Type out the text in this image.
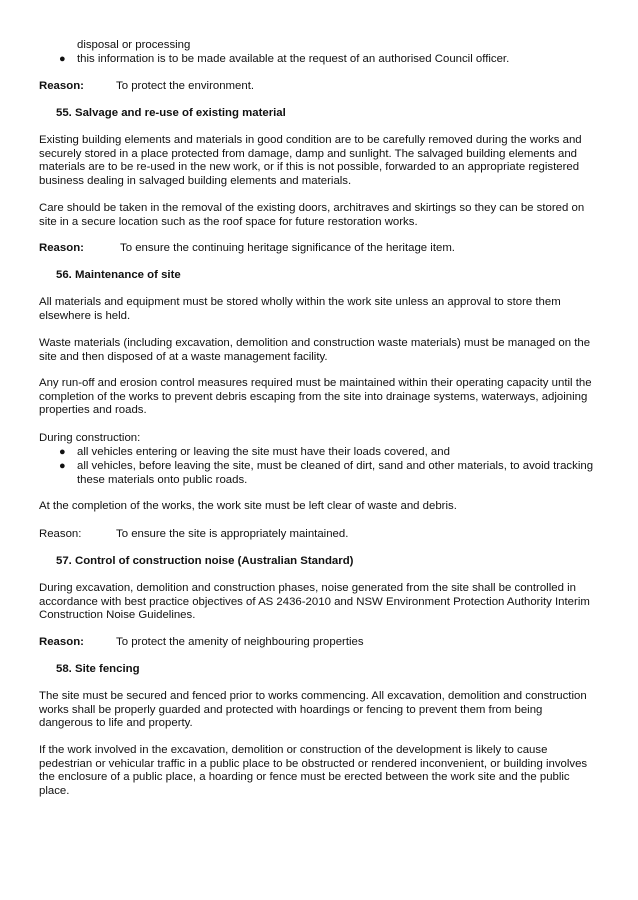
disposal or processing
● this information is to be made available at the request of an authorised Council officer.
Reason:	To protect the environment.
55. Salvage and re-use of existing material
Existing building elements and materials in good condition are to be carefully removed during the works and securely stored in a place protected from damage, damp and sunlight. The salvaged building elements and materials are to be re-used in the new work, or if this is not possible, forwarded to an appropriate registered business dealing in salvaged building elements and materials.
Care should be taken in the removal of the existing doors, architraves and skirtings so they can be stored on site in a secure location such as the roof space for future restoration works.
Reason:	To ensure the continuing heritage significance of the heritage item.
56. Maintenance of site
All materials and equipment must be stored wholly within the work site unless an approval to store them elsewhere is held.
Waste materials (including excavation, demolition and construction waste materials) must be managed on the site and then disposed of at a waste management facility.
Any run-off and erosion control measures required must be maintained within their operating capacity until the completion of the works to prevent debris escaping from the site into drainage systems, waterways, adjoining properties and roads.
During construction:
● all vehicles entering or leaving the site must have their loads covered, and
● all vehicles, before leaving the site, must be cleaned of dirt, sand and other materials, to avoid tracking these materials onto public roads.
At the completion of the works, the work site must be left clear of waste and debris.
Reason:	To ensure the site is appropriately maintained.
57. Control of construction noise (Australian Standard)
During excavation, demolition and construction phases, noise generated from the site shall be controlled in accordance with best practice objectives of AS 2436-2010 and NSW Environment Protection Authority Interim Construction Noise Guidelines.
Reason:	To protect the amenity of neighbouring properties
58. Site fencing
The site must be secured and fenced prior to works commencing. All excavation, demolition and construction works shall be properly guarded and protected with hoardings or fencing to prevent them from being dangerous to life and property.
If the work involved in the excavation, demolition or construction of the development is likely to cause pedestrian or vehicular traffic in a public place to be obstructed or rendered inconvenient, or building involves the enclosure of a public place, a hoarding or fence must be erected between the work site and the public place.
